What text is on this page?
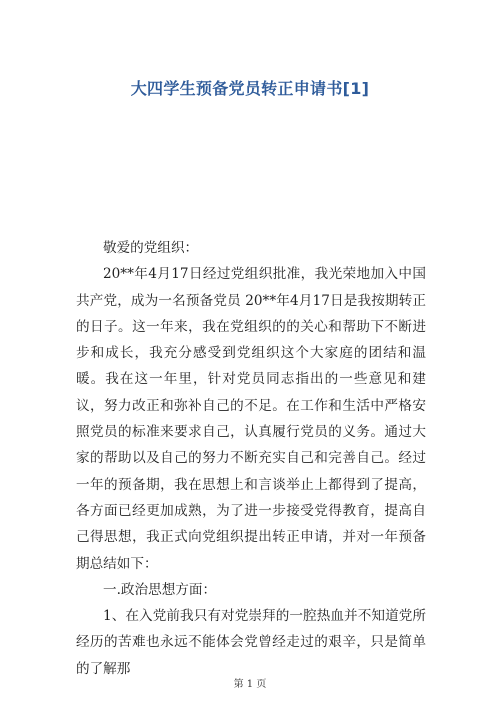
大四学生预备党员转正申请书[1]

敬爱的党组织：

20**年4月17日经过党组织批准，我光荣地加入中国共产党，成为一名预备党员 20**年4月17日是我按期转正的日子。这一年来，我在党组织的的关心和帮助下不断进步和成长，我充分感受到党组织这个大家庭的团结和温暖。我在这一年里，针对党员同志指出的一些意见和建议，努力改正和弥补自己的不足。在工作和生活中严格安照党员的标准来要求自己，认真履行党员的义务。通过大家的帮助以及自己的努力不断充实自己和完善自己。经过一年的预备期，我在思想上和言谈举止上都得到了提高，各方面已经更加成熟，为了进一步接受党得教育，提高自己得思想，我正式向党组织提出转正申请，并对一年预备期总结如下：

一.政治思想方面：

1、在入党前我只有对党崇拜的一腔热血并不知道党所经历的苦难也永远不能体会党曾经走过的艰辛，只是简单的了解那

第 1 页
